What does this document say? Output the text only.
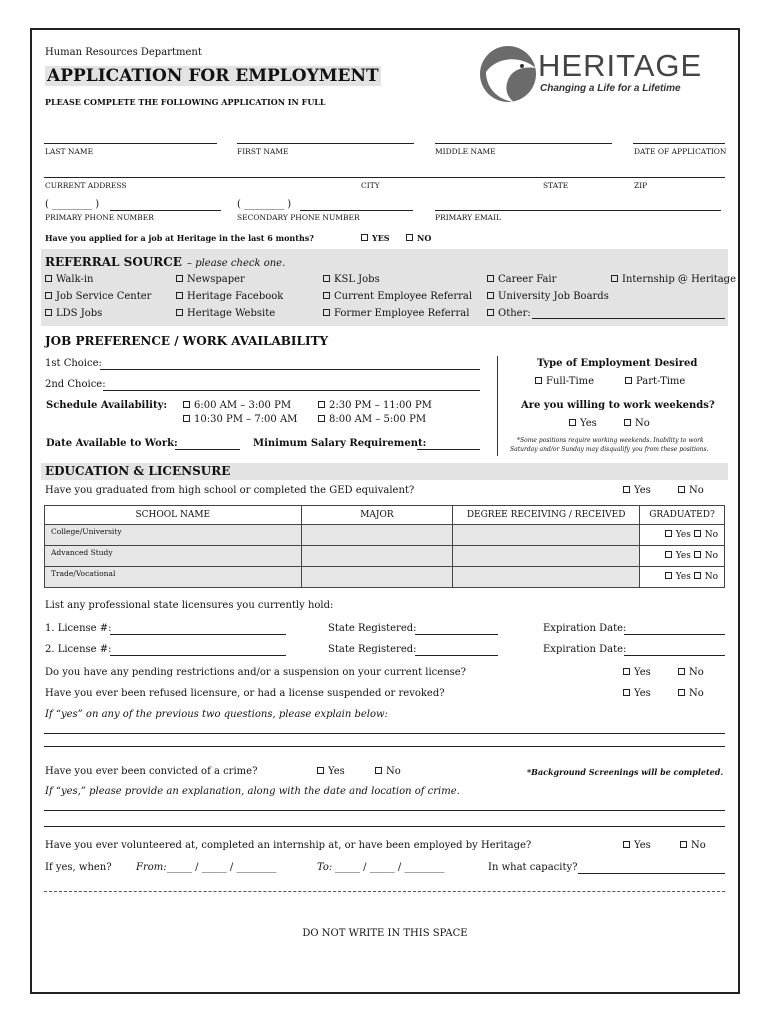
Human Resources Department
APPLICATION FOR EMPLOYMENT
PLEASE COMPLETE THE FOLLOWING APPLICATION IN FULL
HERITAGE
Changing a Life for a Lifetime
LAST NAME	FIRST NAME	MIDDLE NAME	DATE OF APPLICATION
CURRENT ADDRESS	CITY	STATE	ZIP
( ________ )	( ________ )
PRIMARY PHONE NUMBER	SECONDARY PHONE NUMBER	PRIMARY EMAIL
Have you applied for a job at Heritage in the last 6 months?	YES	NO
REFERRAL SOURCE – please check one.
Walk-in	Newspaper	KSL Jobs	Career Fair	Internship @ Heritage
Job Service Center	Heritage Facebook	Current Employee Referral	University Job Boards
LDS Jobs	Heritage Website	Former Employee Referral	Other:
JOB PREFERENCE / WORK AVAILABILITY
1st Choice:
2nd Choice:
Schedule Availability:	6:00 AM – 3:00 PM	2:30 PM – 11:00 PM
10:30 PM – 7:00 AM	8:00 AM – 5:00 PM
Date Available to Work:	Minimum Salary Requirement:
Type of Employment Desired
Full-Time	Part-Time
Are you willing to work weekends?
Yes	No
*Some positions require working weekends. Inability to work
Saturday and/or Sunday may disqualify you from these positions.
EDUCATION & LICENSURE
Have you graduated from high school or completed the GED equivalent?	Yes	No
SCHOOL NAME	MAJOR	DEGREE RECEIVING / RECEIVED	GRADUATED?
College/University			Yes No
Advanced Study			Yes No
Trade/Vocational			Yes No
List any professional state licensures you currently hold:
1. License #:	State Registered:	Expiration Date:
2. License #:	State Registered:	Expiration Date:
Do you have any pending restrictions and/or a suspension on your current license?	Yes	No
Have you ever been refused licensure, or had a license suspended or revoked?	Yes	No
If “yes” on any of the previous two questions, please explain below:
Have you ever been convicted of a crime?	Yes	No	*Background Screenings will be completed.
If “yes,” please provide an explanation, along with the date and location of crime.
Have you ever volunteered at, completed an internship at, or have been employed by Heritage?	Yes	No
If yes, when? From: _____ / _____ / ________	To: _____ / _____ / ________	In what capacity?
DO NOT WRITE IN THIS SPACE
